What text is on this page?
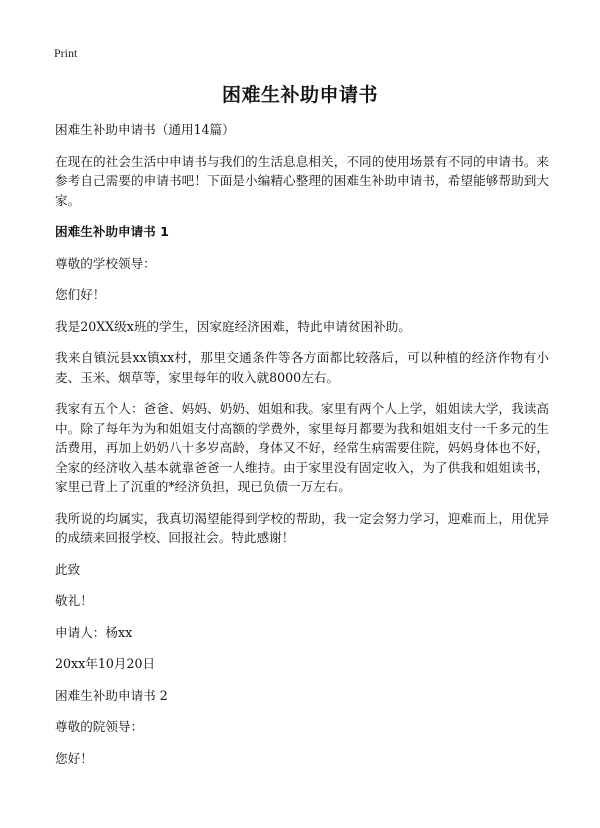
Print
困难生补助申请书

困难生补助申请书（通用14篇）

在现在的社会生活中申请书与我们的生活息息相关，不同的使用场景有不同的申请书。来参考自己需要的申请书吧！下面是小编精心整理的困难生补助申请书，希望能够帮助到大家。

困难生补助申请书 1

尊敬的学校领导：

您们好！

我是20XX级x班的学生，因家庭经济困难，特此申请贫困补助。

我来自镇沅县xx镇xx村，那里交通条件等各方面都比较落后，可以种植的经济作物有小麦、玉米、烟草等，家里每年的收入就8000左右。

我家有五个人：爸爸、妈妈、奶奶、姐姐和我。家里有两个人上学，姐姐读大学，我读高中。除了每年为为和姐姐支付高额的学费外，家里每月都要为我和姐姐支付一千多元的生活费用，再加上奶奶八十多岁高龄，身体又不好，经常生病需要住院，妈妈身体也不好，全家的经济收入基本就靠爸爸一人维持。由于家里没有固定收入，为了供我和姐姐读书，家里已背上了沉重的*经济负担，现已负债一万左右。

我所说的均属实，我真切渴望能得到学校的帮助，我一定会努力学习，迎难而上，用优异的成绩来回报学校、回报社会。特此感谢！

此致

敬礼！

申请人：杨xx

20xx年10月20日

困难生补助申请书 2

尊敬的院领导：

您好！
